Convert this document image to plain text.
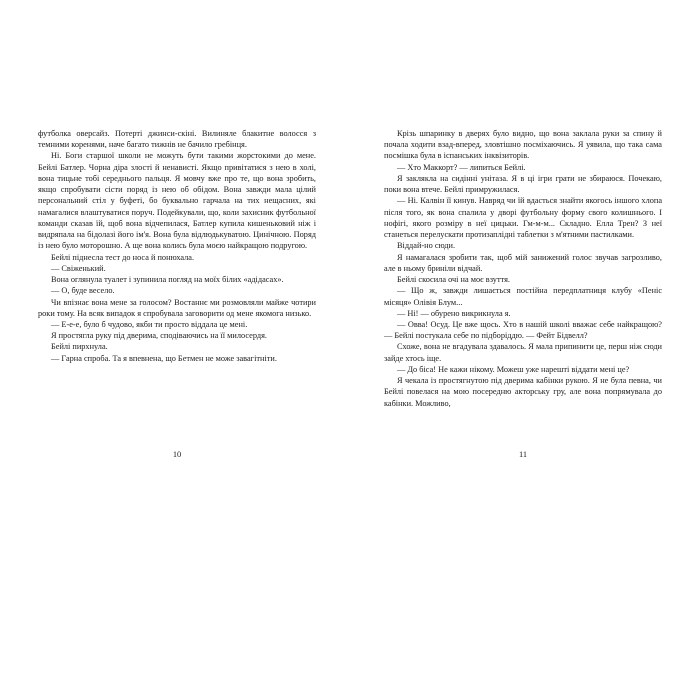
футболка оверсайз. Потерті джинси-скіні. Вилиняле блакитне волосся з темними коренями, наче багато тижнів не бачило гребінця.

Ні. Боги старшої школи не можуть бути такими жорстокими до мене. Бейлі Батлер. Чорна діра злості й ненависті. Якщо привітатися з нею в холі, вона тицьне тобі середнього пальця. Я мовчу вже про те, що вона зробить, якщо спробувати сісти поряд із нею об обідом. Вона завжди мала цілий персональний стіл у буфеті, бо буквально гарчала на тих нещасних, які намагалися влаштуватися поруч. Подейкували, що, коли захисник футбольної команди сказав їй, щоб вона відчепилася, Батлер купила кишеньковий ніж і видряпала на бідолазі його ім'я. Вона була відлюдькуватою. Цинічною. Поряд із нею було моторошно. А ще вона колись була моєю найкращою подругою.

Бейлі піднесла тест до носа й понюхала.

— Свіженький.

Вона оглянула туалет і зупинила погляд на моїх білих «адідасах».

— О, буде весело.

Чи впізнає вона мене за голосом? Востаннє ми розмовляли майже чотири роки тому. На всяк випадок я спробувала заговорити од мене якомога низько.

— Е-е-е, було б чудово, якби ти просто віддала це мені.

Я простягла руку під дверима, сподіваючись на її милосердя.

Бейлі пирхнула.

— Гарна спроба. Та я впевнена, що Бетмен не може завагітніти.

10

Крізь шпаринку в дверях було видно, що вона заклала руки за спину й почала ходити взад-вперед, зловтішно посміхаючись. Я уявила, що така сама посмішка була в іспанських інквізиторів.

— Хто Маккорт? — липиться Бейлі.

Я заклякла на сидінні унітаза. Я в ці ігри грати не збираюся. Почекаю, поки вона втече. Бейлі примружилася.

— Ні. Калвін її кинув. Навряд чи їй вдасться знайти якогось іншого хлопа після того, як вона спалила у дворі футбольну форму свого колишнього. І нофігі, якого розміру в неї цицьки. Гм-м-м... Складно. Елла Трен? З неї станеться перелускати протизаплідні таблетки з м'ятними пастилками.

Віддай-но сюди.

Я намагалася зробити так, щоб мій занижений голос звучав загрозливо, але в ньому бриніли відчай.

Бейлі скосила очі на моє взуття.

— Що ж, завжди лишається постійна передплатниця клубу «Пеніс місяця» Олівія Блум...

— Ні! — обурено викрикнула я.

— Овва! Осуд. Це вже щось. Хто в нашій школі вважає себе найкращою? — Бейлі постукала себе по підборіддю. — Фейт Бідвелл?

Схоже, вона не вгадувала здавалось. Я мала припинити це, перш ніж сюди зайде хтось іще.

— До біса! Не кажи нікому. Можеш уже нарешті віддати мені це?

Я чекала із простягнутою під дверима кабінки рукою. Я не була певна, чи Бейлі повелася на мою посередню акторську гру, але вона попрямувала до кабінки. Можливо,

11
